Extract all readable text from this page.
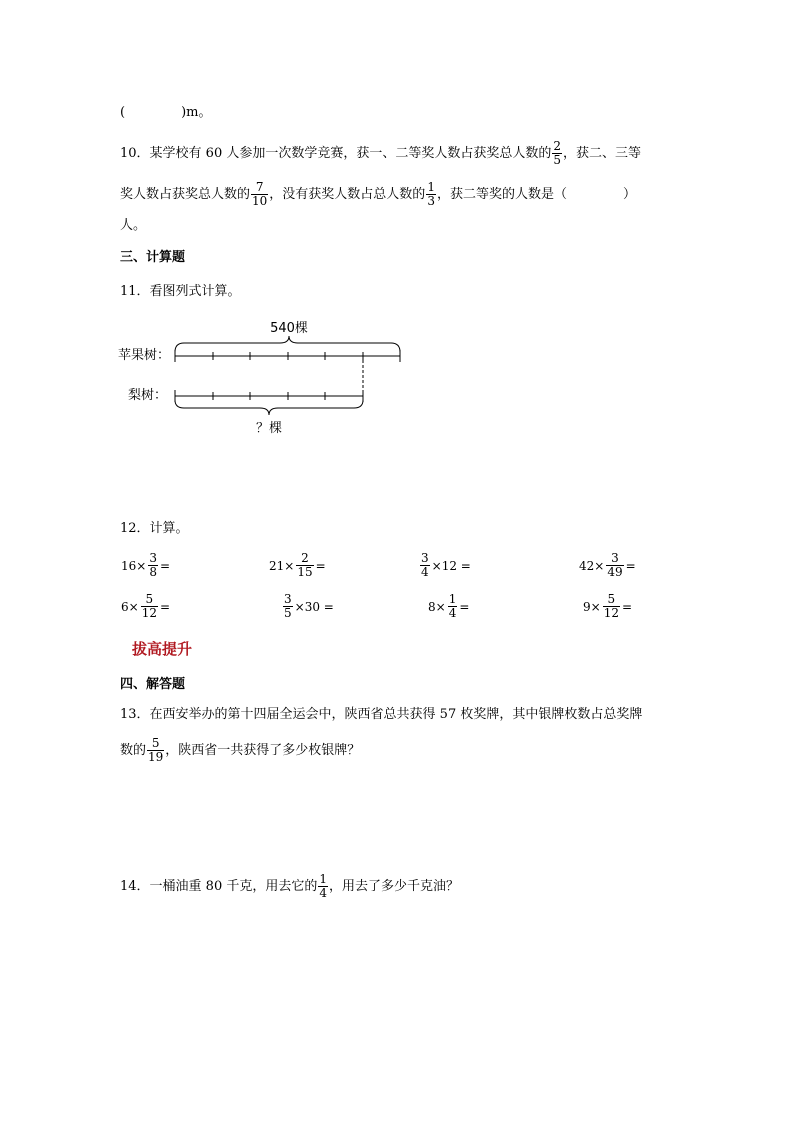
(	)m。
10．某学校有 60 人参加一次数学竞赛，获一、二等奖人数占获奖总人数的 $\frac{2}{5}$ ，获二、三等
奖人数占获奖总人数的 $\frac{7}{10}$ ，没有获奖人数占总人数的 $\frac{1}{3}$ ，获二等奖的人数是（	）
人。
三、计算题
11．看图列式计算。
540棵
苹果树：
梨树：
？棵
12．计算。
$16\times \frac{3}{8}$ =	$21\times \frac{2}{15}$ =	$\frac{3}{4} \times 12$ =	$42\times \frac{3}{49}$ =
$6\times \frac{5}{12}$ =	$\frac{3}{5} \times 30$ =	$8\times \frac{1}{4}$ =	$9\times \frac{5}{12}$ =
拔高提升
四、解答题
13．在西安举办的第十四届全运会中，陕西省总共获得 57 枚奖牌，其中银牌枚数占总奖牌
数的 $\frac{5}{19}$ ，陕西省一共获得了多少枚银牌？
14．一桶油重 80 千克，用去它的 $\frac{1}{4}$ ，用去了多少千克油？
